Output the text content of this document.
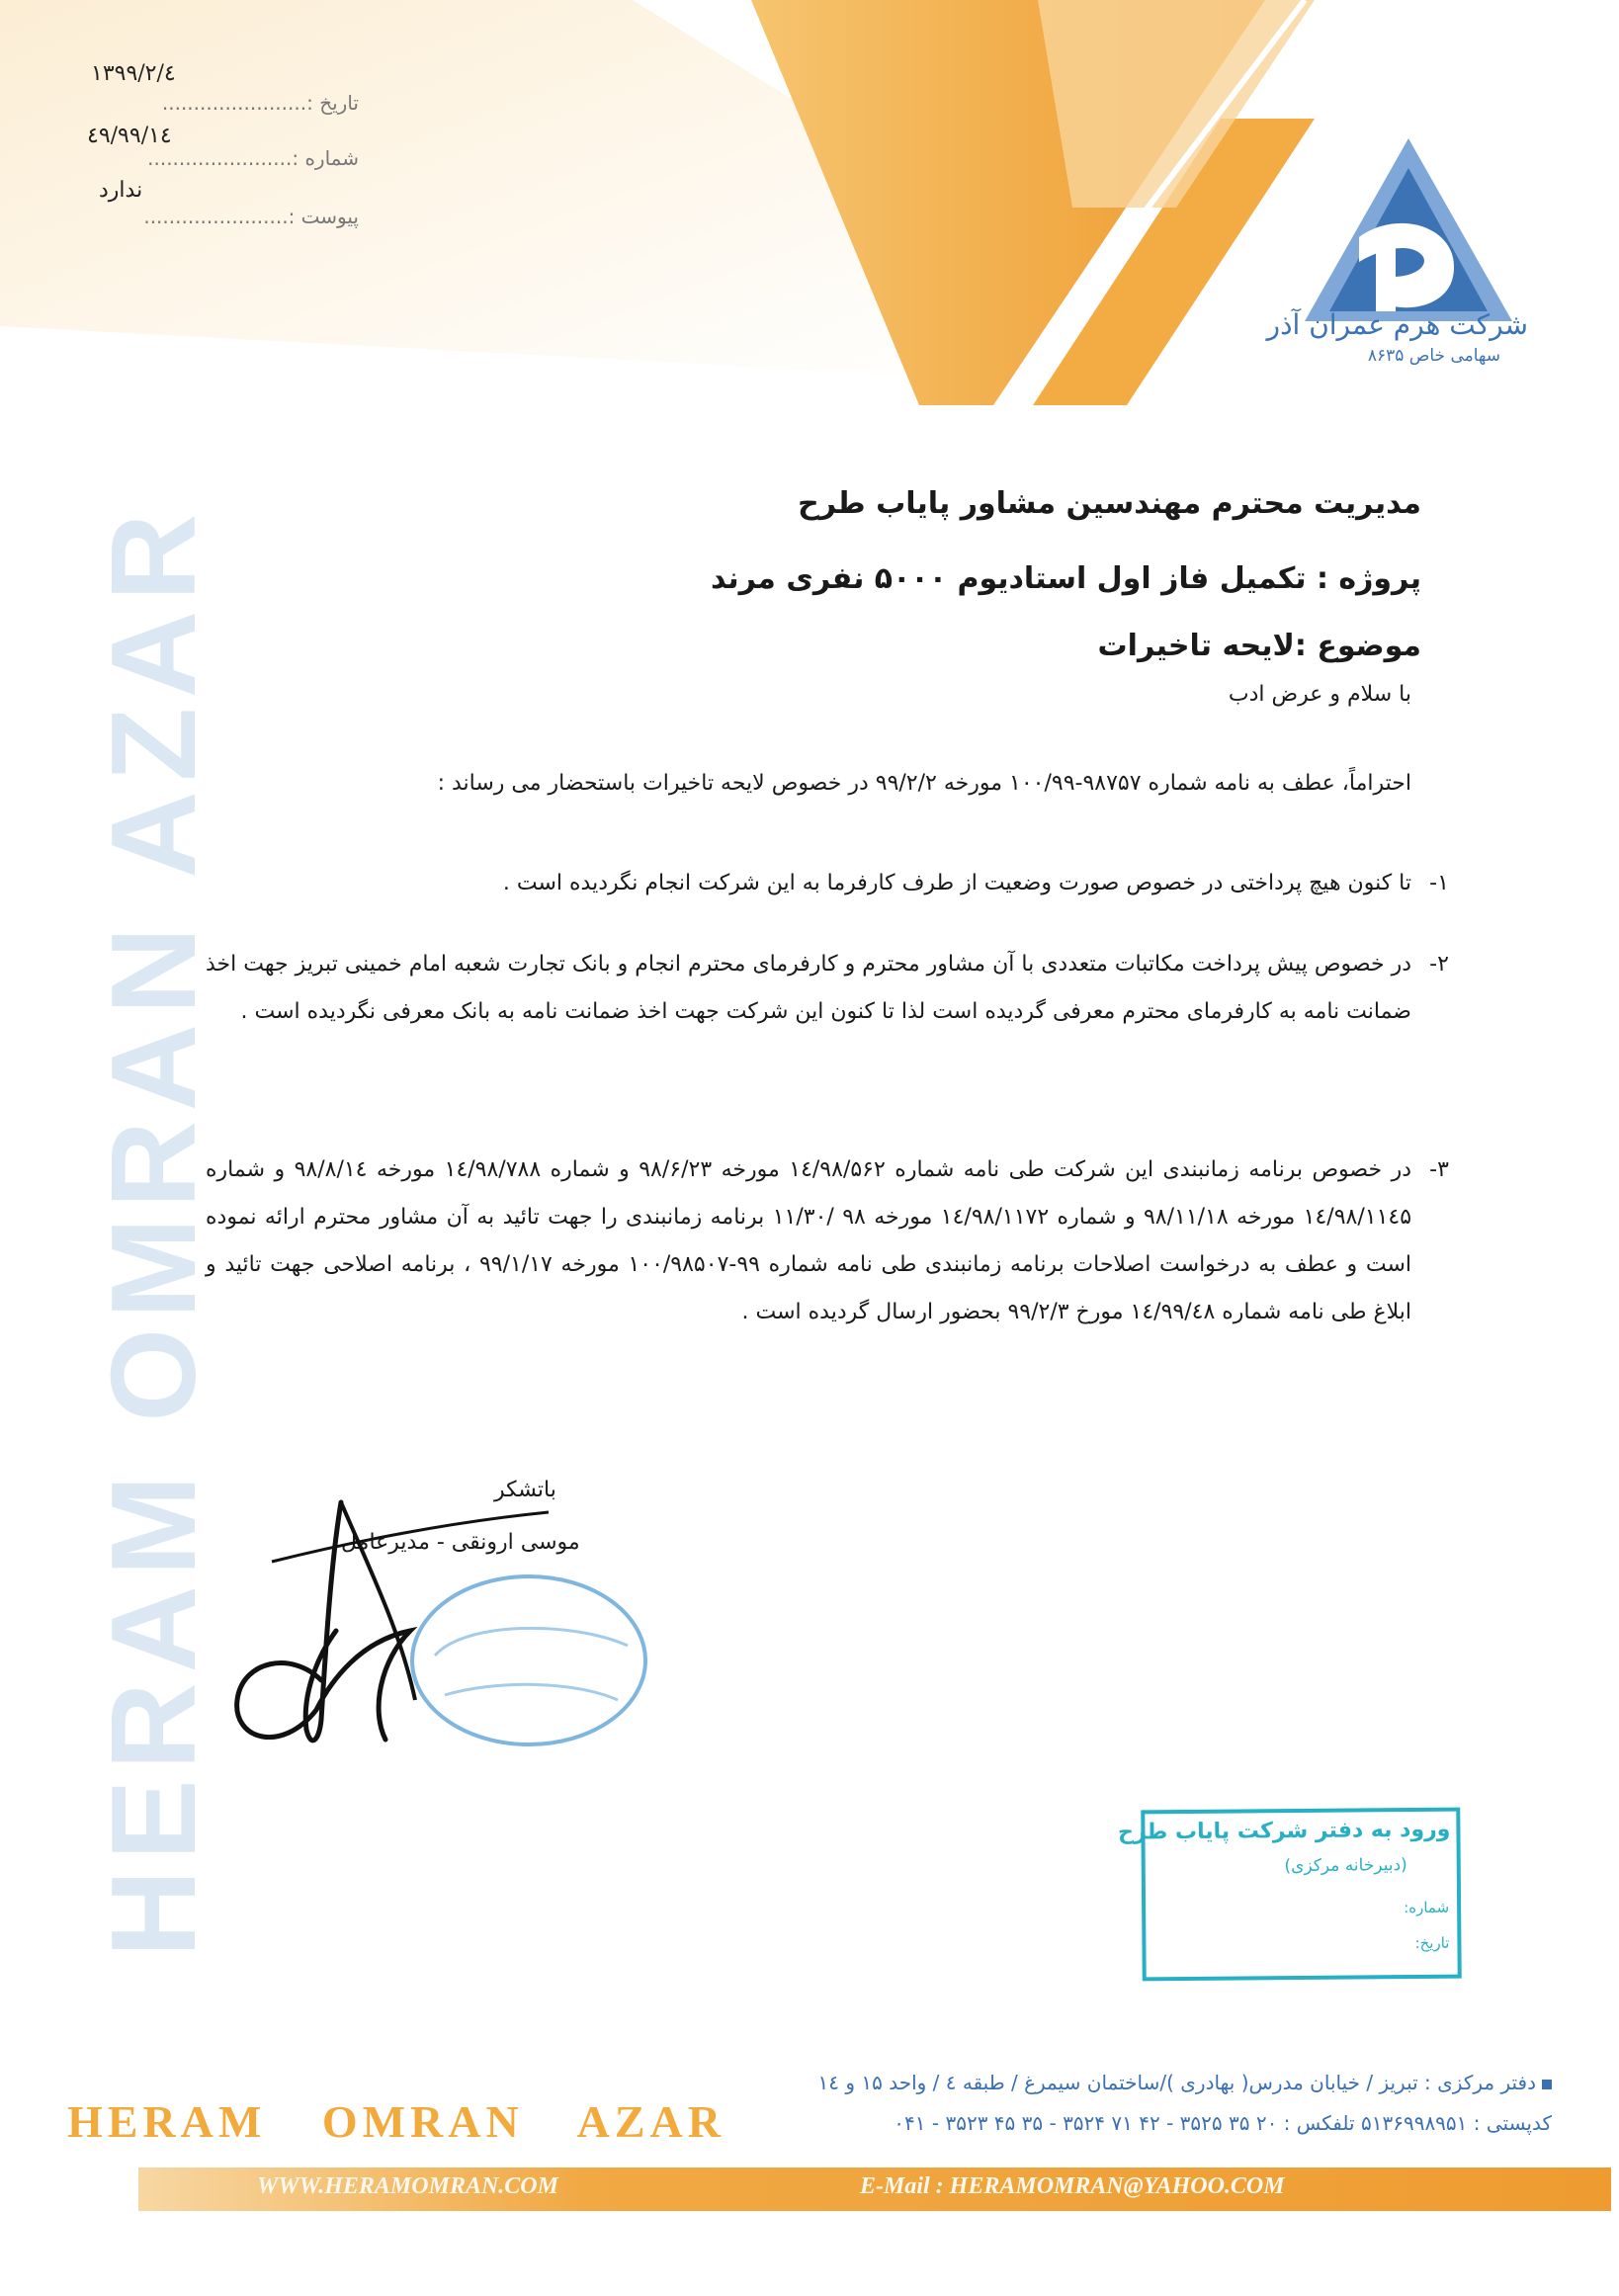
شرکت هرم عمران آذر
سهامی خاص ۸۶۳۵
تاریخ :.......................
۱۳۹۹/۲/٤
شماره :.......................
٤۹/۹۹/۱٤
پیوست :.......................
ندارد
HERAM OMRAN AZAR
مدیریت محترم مهندسین مشاور پایاب طرح
پروژه : تکمیل فاز اول استادیوم ۵۰۰۰ نفری مرند
موضوع :لایحه تاخیرات
با سلام و عرض ادب
احتراماً، عطف به نامه شماره ۹۸۷۵۷-۱۰۰/۹۹ مورخه ۹۹/۲/۲ در خصوص لایحه تاخیرات باستحضار می رساند :
۱-
تا کنون هیچ پرداختی در خصوص صورت وضعیت از طرف کارفرما به این شرکت انجام نگردیده است .
۲-
در خصوص پیش پرداخت مکاتبات متعددی با آن مشاور محترم و کارفرمای محترم انجام و بانک تجارت شعبه امام خمینی تبریز جهت اخذ ضمانت نامه به کارفرمای محترم معرفی گردیده است لذا تا کنون این شرکت جهت اخذ ضمانت نامه به بانک معرفی نگردیده است .
۳-
در خصوص برنامه زمانبندی این شرکت طی نامه شماره ۱٤/۹۸/۵۶۲ مورخه ۹۸/۶/۲۳ و شماره ۱٤/۹۸/۷۸۸ مورخه ۹۸/۸/۱٤ و شماره ۱٤/۹۸/۱۱٤۵ مورخه ۹۸/۱۱/۱۸ و شماره ۱٤/۹۸/۱۱۷۲ مورخه ۹۸ /۱۱/۳۰ برنامه زمانبندی را جهت تائید به آن مشاور محترم ارائه نموده است و عطف به درخواست اصلاحات برنامه زمانبندی طی نامه شماره ۹۹-۱۰۰/۹۸۵۰۷ مورخه ۹۹/۱/۱۷ ، برنامه اصلاحی جهت تائید و ابلاغ طی نامه شماره ۱٤/۹۹/٤۸ مورخ ۹۹/۲/۳ بحضور ارسال گردیده است .
باتشکر
موسی ارونقی - مدیرعامل
ورود به دفتر شرکت پایاب طرح
(دبیرخانه مرکزی)
شماره:
تاریخ:
دفتر مرکزی : تبریز / خیابان مدرس( بهادری )/ساختمان سیمرغ / طبقه ٤ / واحد ۱۵ و ۱٤
کدپستی : ۵۱۳۶۹۹۸۹۵۱ تلفکس : ۲۰ ۳۵ ۳۵۲۵ - ۴۲ ۷۱ ۳۵۲۴ - ۳۵ ۴۵ ۳۵۲۳ - ۰۴۱
HERAM OMRAN AZAR
WWW.HERAMOMRAN.COM	E-Mail : HERAMOMRAN@YAHOO.COM
